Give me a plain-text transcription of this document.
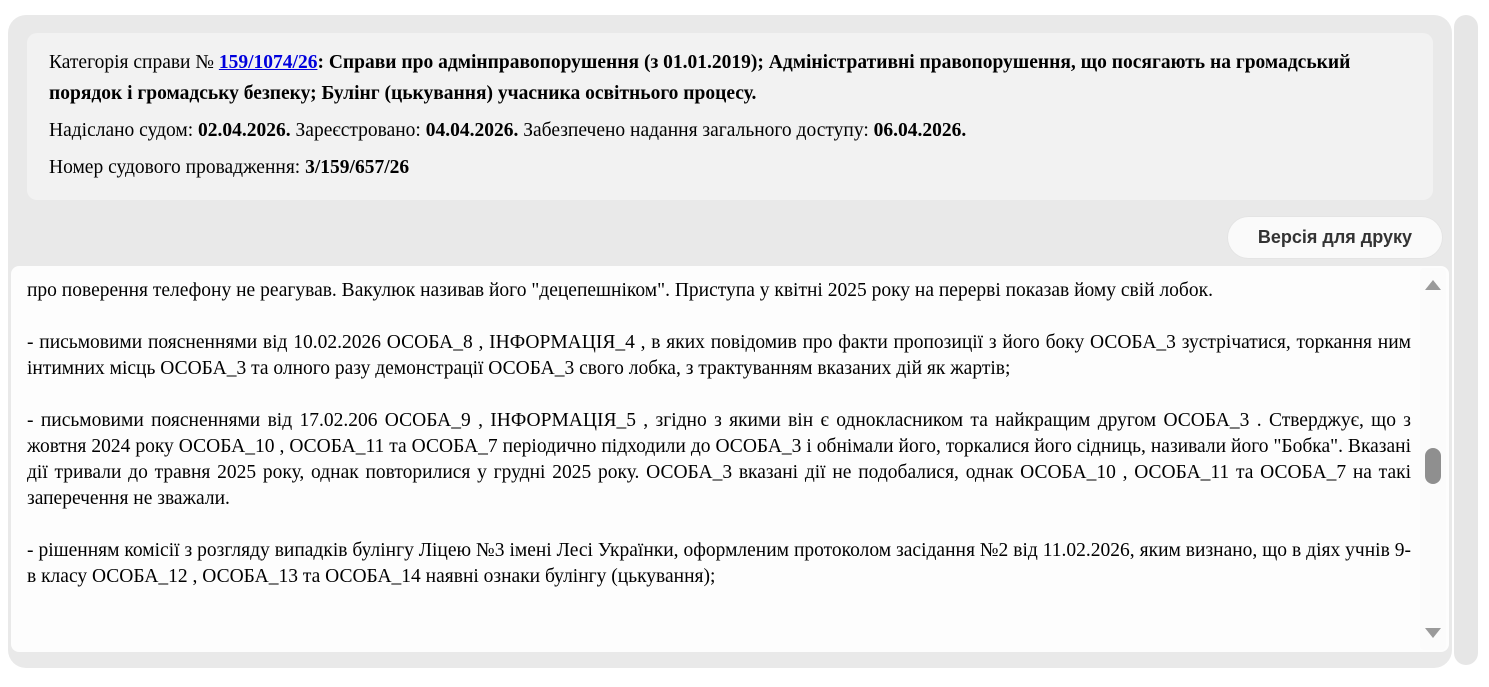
Категорія справи № 159/1074/26: Справи про адмінправопорушення (з 01.01.2019); Адміністративні правопорушення, що посягають на громадський порядок і громадську безпеку; Булінг (цькування) учасника освітнього процесу.

Надіслано судом: 02.04.2026. Зареєстровано: 04.04.2026. Забезпечено надання загального доступу: 06.04.2026.

Номер судового провадження: 3/159/657/26

Версія для друку

про поверення телефону не реагував. Вакулюк називав його "децепешніком". Приступа у квітні 2025 року на перерві показав йому свій лобок.

- письмовими поясненнями від 10.02.2026 ОСОБА_8 , ІНФОРМАЦІЯ_4 , в яких повідомив про факти пропозиції з його боку ОСОБА_3 зустрічатися, торкання ним інтимних місць ОСОБА_3 та олного разу демонстрації ОСОБА_3 свого лобка, з трактуванням вказаних дій як жартів;

- письмовими поясненнями від 17.02.206 ОСОБА_9 , ІНФОРМАЦІЯ_5 , згідно з якими він є однокласником та найкращим другом ОСОБА_3 . Стверджує, що з жовтня 2024 року ОСОБА_10 , ОСОБА_11 та ОСОБА_7 періодично підходили до ОСОБА_3 і обнімали його, торкалися його сідниць, називали його "Бобка". Вказані дії тривали до травня 2025 року, однак повторилися у грудні 2025 року. ОСОБА_3 вказані дії не подобалися, однак ОСОБА_10 , ОСОБА_11 та ОСОБА_7 на такі заперечення не зважали.

- рішенням комісії з розгляду випадків булінгу Ліцею №3 імені Лесі Українки, оформленим протоколом засідання №2 від 11.02.2026, яким визнано, що в діях учнів 9-в класу ОСОБА_12 , ОСОБА_13 та ОСОБА_14 наявні ознаки булінгу (цькування);
